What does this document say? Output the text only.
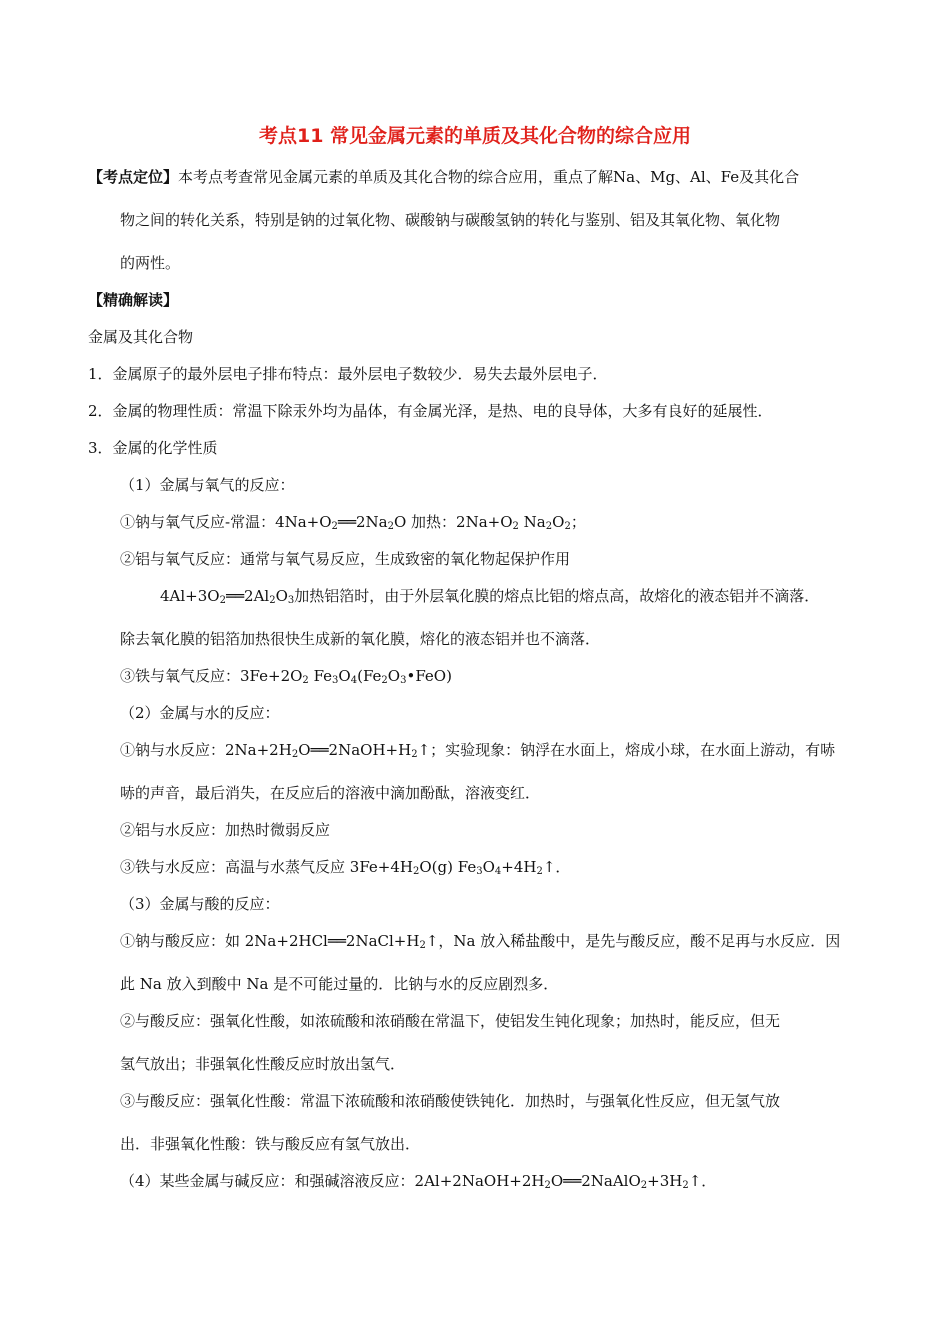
考点11 常见金属元素的单质及其化合物的综合应用
【考点定位】本考点考查常见金属元素的单质及其化合物的综合应用，重点了解Na、Mg、Al、Fe及其化合
物之间的转化关系，特别是钠的过氧化物、碳酸钠与碳酸氢钠的转化与鉴别、铝及其氧化物、氧化物
的两性。
【精确解读】
金属及其化合物
1．金属原子的最外层电子排布特点：最外层电子数较少．易失去最外层电子．
2．金属的物理性质：常温下除汞外均为晶体，有金属光泽，是热、电的良导体，大多有良好的延展性．
3．金属的化学性质
（1）金属与氧气的反应：
①钠与氧气反应-常温：$4Na+O_2══2Na_2O$ 加热：$2Na+O_2$ $Na_2O_2$；
②铝与氧气反应：通常与氧气易反应，生成致密的氧化物起保护作用
$4Al+3O_2══2Al_2O_3$加热铝箔时，由于外层氧化膜的熔点比铝的熔点高，故熔化的液态铝并不滴落．
除去氧化膜的铝箔加热很快生成新的氧化膜，熔化的液态铝并也不滴落．
③铁与氧气反应：$3Fe+2O_2$ $Fe_3O_4(Fe_2O_3•FeO)$
（2）金属与水的反应：
①钠与水反应：$2Na+2H_2O══2NaOH+H_2↑$；实验现象：钠浮在水面上，熔成小球，在水面上游动，有哧
哧的声音，最后消失，在反应后的溶液中滴加酚酞，溶液变红．
②铝与水反应：加热时微弱反应
③铁与水反应：高温与水蒸气反应 $3Fe+4H_2O(g)$ $Fe_3O_4+4H_2↑$．
（3）金属与酸的反应：
①钠与酸反应：如 $2Na+2HCl══2NaCl+H_2↑$，Na 放入稀盐酸中，是先与酸反应，酸不足再与水反应．因
此 Na 放入到酸中 Na 是不可能过量的．比钠与水的反应剧烈多．
②与酸反应：强氧化性酸，如浓硫酸和浓硝酸在常温下，使铝发生钝化现象；加热时，能反应，但无
氢气放出；非强氧化性酸反应时放出氢气．
③与酸反应：强氧化性酸：常温下浓硫酸和浓硝酸使铁钝化．加热时，与强氧化性反应，但无氢气放
出．非强氧化性酸：铁与酸反应有氢气放出．
（4）某些金属与碱反应：和强碱溶液反应：$2Al+2NaOH+2H_2O══2NaAlO_2+3H_2↑$．
